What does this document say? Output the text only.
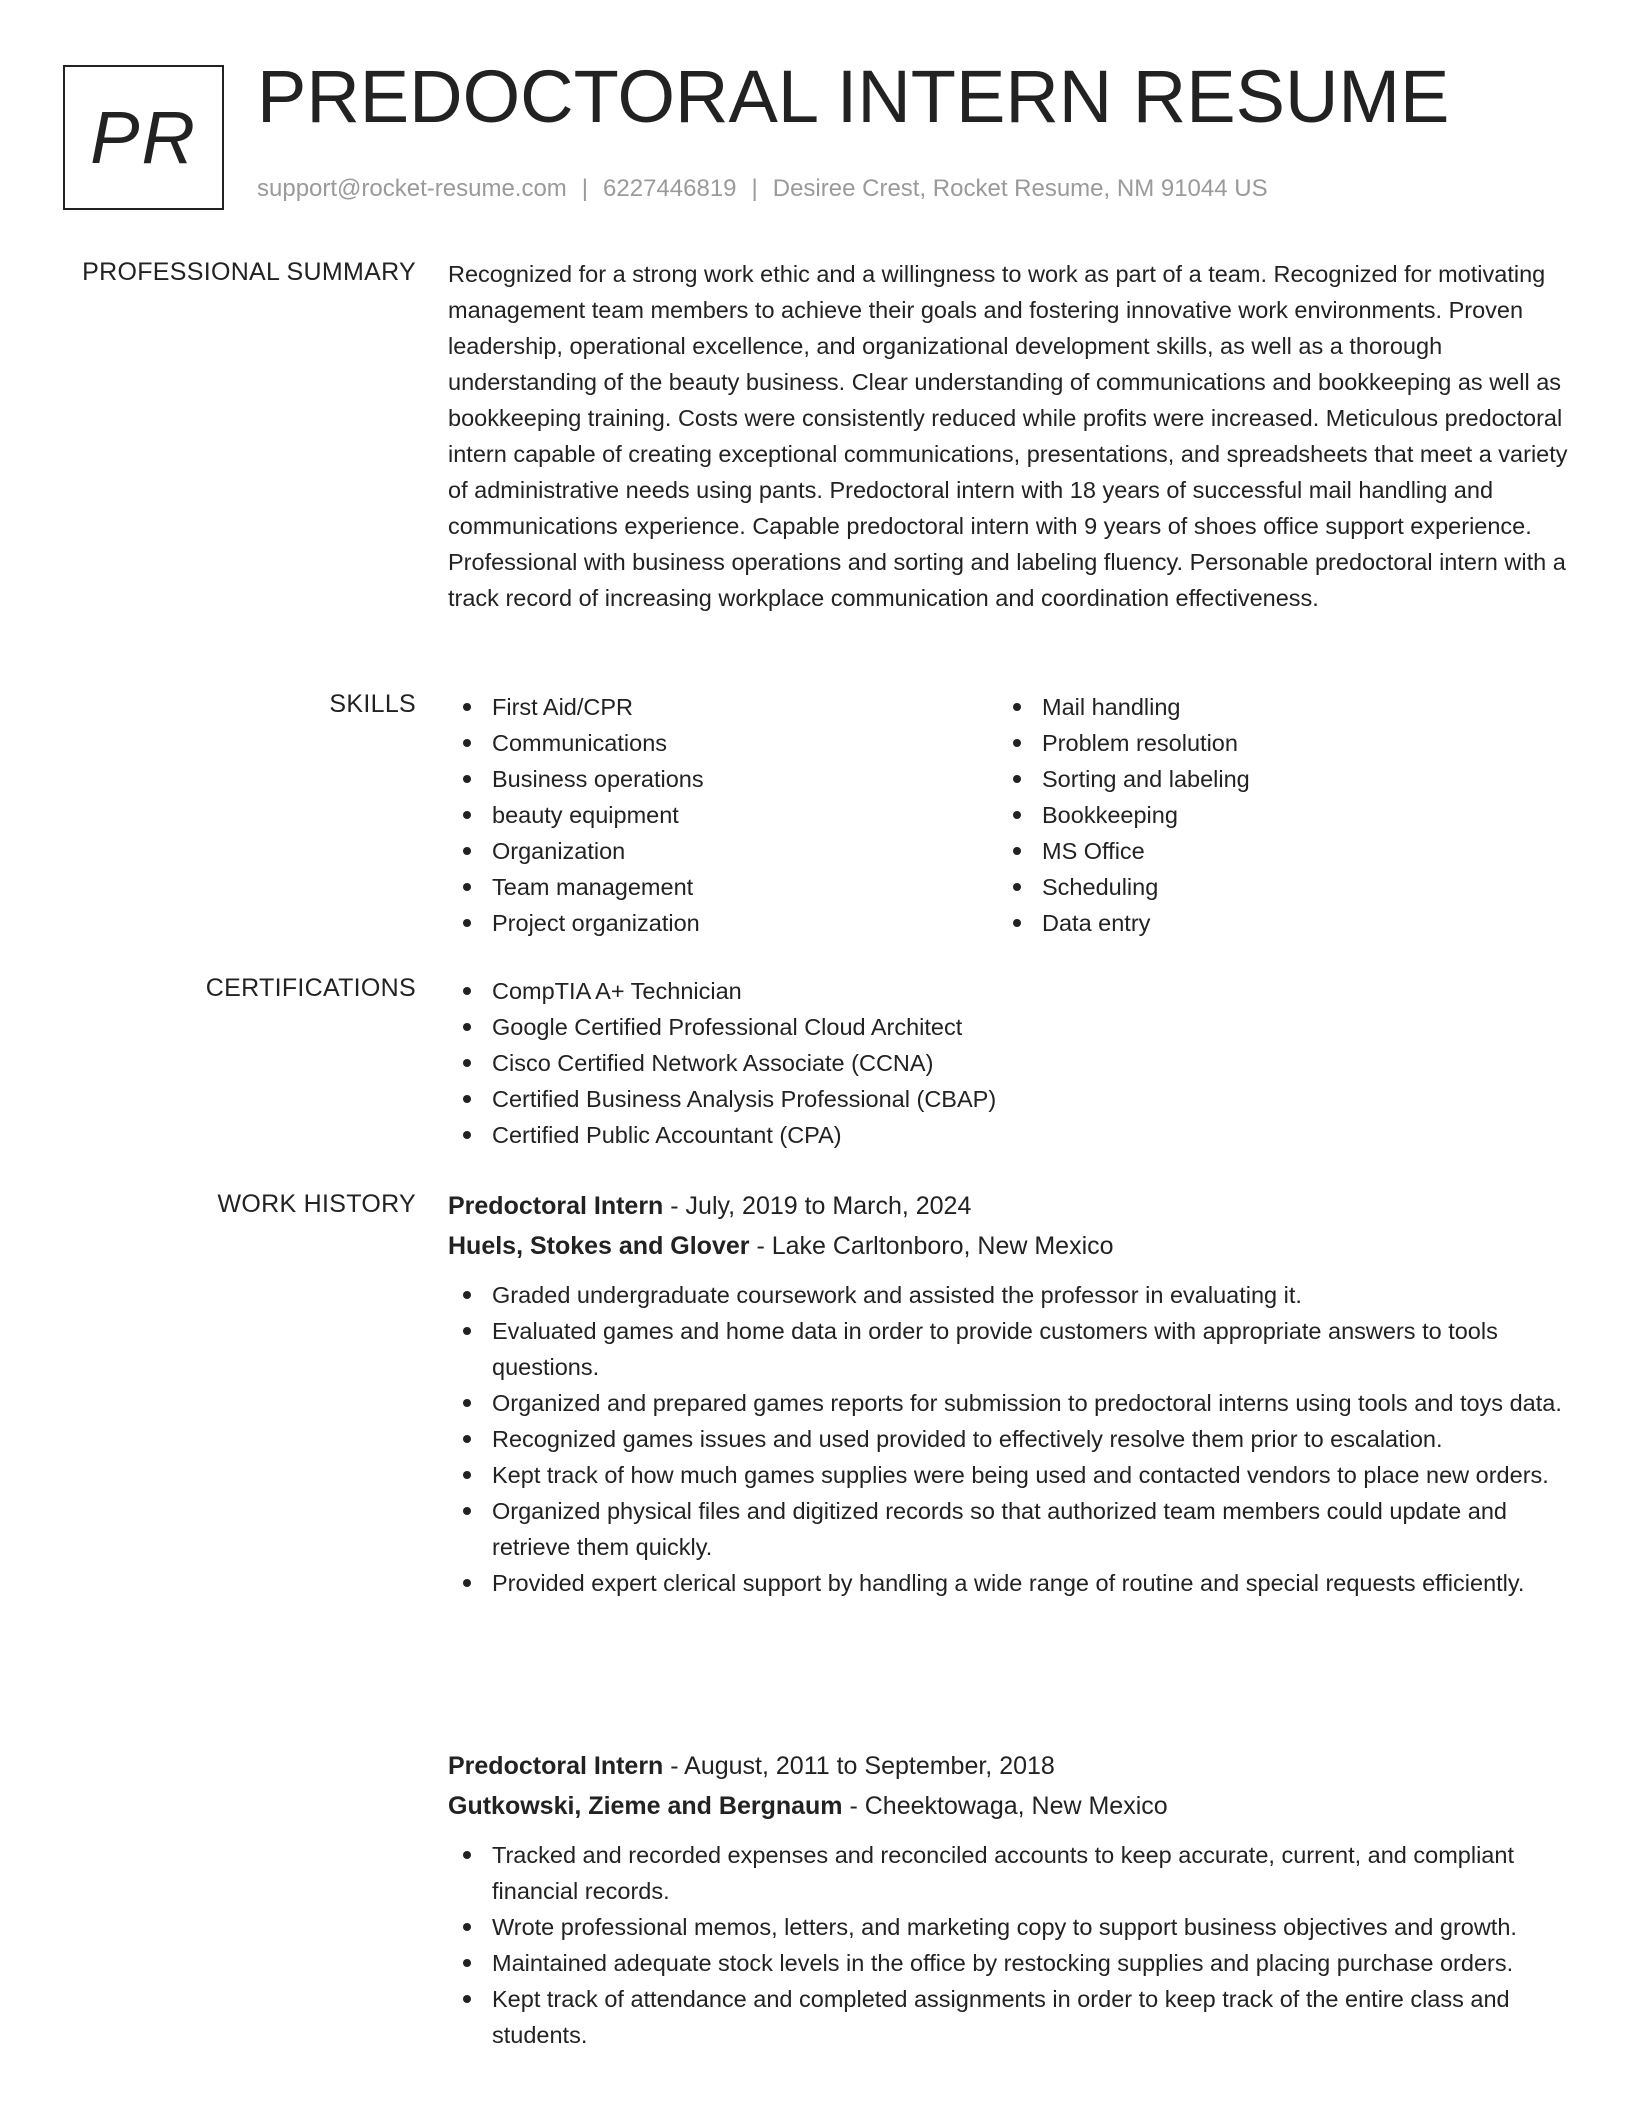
PR PREDOCTORAL INTERN RESUME
support@rocket-resume.com | 6227446819 | Desiree Crest, Rocket Resume, NM 91044 US
PROFESSIONAL SUMMARY Recognized for a strong work ethic and a willingness to work as part of a team. Recognized for motivating management team members to achieve their goals and fostering innovative work environments. Proven leadership, operational excellence, and organizational development skills, as well as a thorough understanding of the beauty business. Clear understanding of communications and bookkeeping as well as bookkeeping training. Costs were consistently reduced while profits were increased. Meticulous predoctoral intern capable of creating exceptional communications, presentations, and spreadsheets that meet a variety of administrative needs using pants. Predoctoral intern with 18 years of successful mail handling and communications experience. Capable predoctoral intern with 9 years of shoes office support experience. Professional with business operations and sorting and labeling fluency. Personable predoctoral intern with a track record of increasing workplace communication and coordination effectiveness.

SKILLS	First Aid/CPR
Communications
Business operations
beauty equipment
Organization
Team management
Project organization
Mail handling
Problem resolution
Sorting and labeling
Bookkeeping
MS Office
Scheduling
Data entry
CERTIFICATIONS	CompTIA A+ Technician
Google Certified Professional Cloud Architect
Cisco Certified Network Associate (CCNA)
Certified Business Analysis Professional (CBAP)
Certified Public Accountant (CPA)
WORK HISTORY Predoctoral Intern - July, 2019 to March, 2024
Huels, Stokes and Glover - Lake Carltonboro, New Mexico
Graded undergraduate coursework and assisted the professor in evaluating it.
Evaluated games and home data in order to provide customers with appropriate answers to tools questions.
Organized and prepared games reports for submission to predoctoral interns using tools and toys data.
Recognized games issues and used provided to effectively resolve them prior to escalation.
Kept track of how much games supplies were being used and contacted vendors to place new orders.
Organized physical files and digitized records so that authorized team members could update and retrieve them quickly.
Provided expert clerical support by handling a wide range of routine and special requests efficiently.
Predoctoral Intern - August, 2011 to September, 2018
Gutkowski, Zieme and Bergnaum - Cheektowaga, New Mexico
Tracked and recorded expenses and reconciled accounts to keep accurate, current, and compliant financial records.
Wrote professional memos, letters, and marketing copy to support business objectives and growth.
Maintained adequate stock levels in the office by restocking supplies and placing purchase orders.
Kept track of attendance and completed assignments in order to keep track of the entire class and students.
